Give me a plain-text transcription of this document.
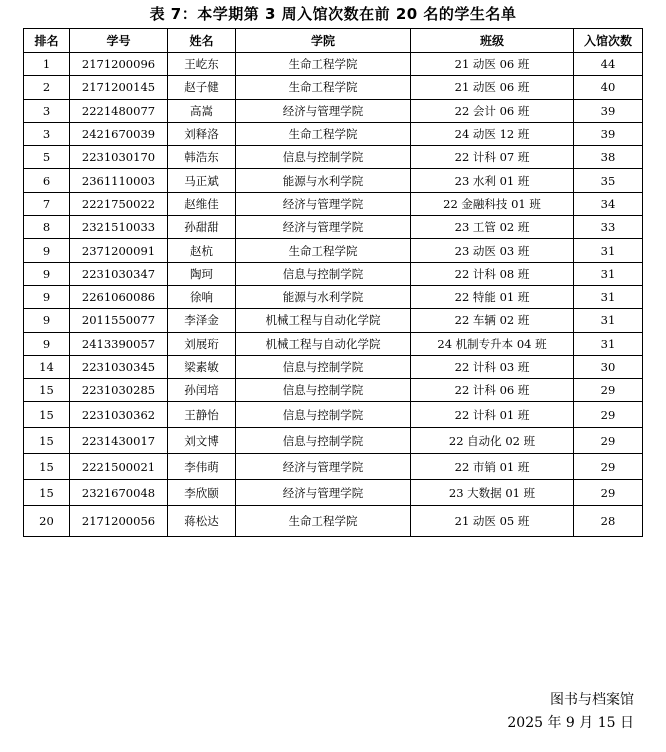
表 7：本学期第 3 周入馆次数在前 20 名的学生名单
排名	学号	姓名	学院	班级	入馆次数
1	2171200096	王屹东	生命工程学院	21 动医 06 班	44
2	2171200145	赵子健	生命工程学院	21 动医 06 班	40
3	2221480077	高嵩	经济与管理学院	22 会计 06 班	39
3	2421670039	刘释洛	生命工程学院	24 动医 12 班	39
5	2231030170	韩浩东	信息与控制学院	22 计科 07 班	38
6	2361110003	马正斌	能源与水利学院	23 水利 01 班	35
7	2221750022	赵维佳	经济与管理学院	22 金融科技 01 班	34
8	2321510033	孙甜甜	经济与管理学院	23 工管 02 班	33
9	2371200091	赵杭	生命工程学院	23 动医 03 班	31
9	2231030347	陶珂	信息与控制学院	22 计科 08 班	31
9	2261060086	徐响	能源与水利学院	22 特能 01 班	31
9	2011550077	李泽金	机械工程与自动化学院	22 车辆 02 班	31
9	2413390057	刘展珩	机械工程与自动化学院	24 机制专升本 04 班	31
14	2231030345	梁素敏	信息与控制学院	22 计科 03 班	30
15	2231030285	孙闰培	信息与控制学院	22 计科 06 班	29
15	2231030362	王静怡	信息与控制学院	22 计科 01 班	29
15	2231430017	刘文博	信息与控制学院	22 自动化 02 班	29
15	2221500021	李伟萌	经济与管理学院	22 市销 01 班	29
15	2321670048	李欣颐	经济与管理学院	23 大数据 01 班	29
20	2171200056	蒋松达	生命工程学院	21 动医 05 班	28
图书与档案馆
2025 年 9 月 15 日
